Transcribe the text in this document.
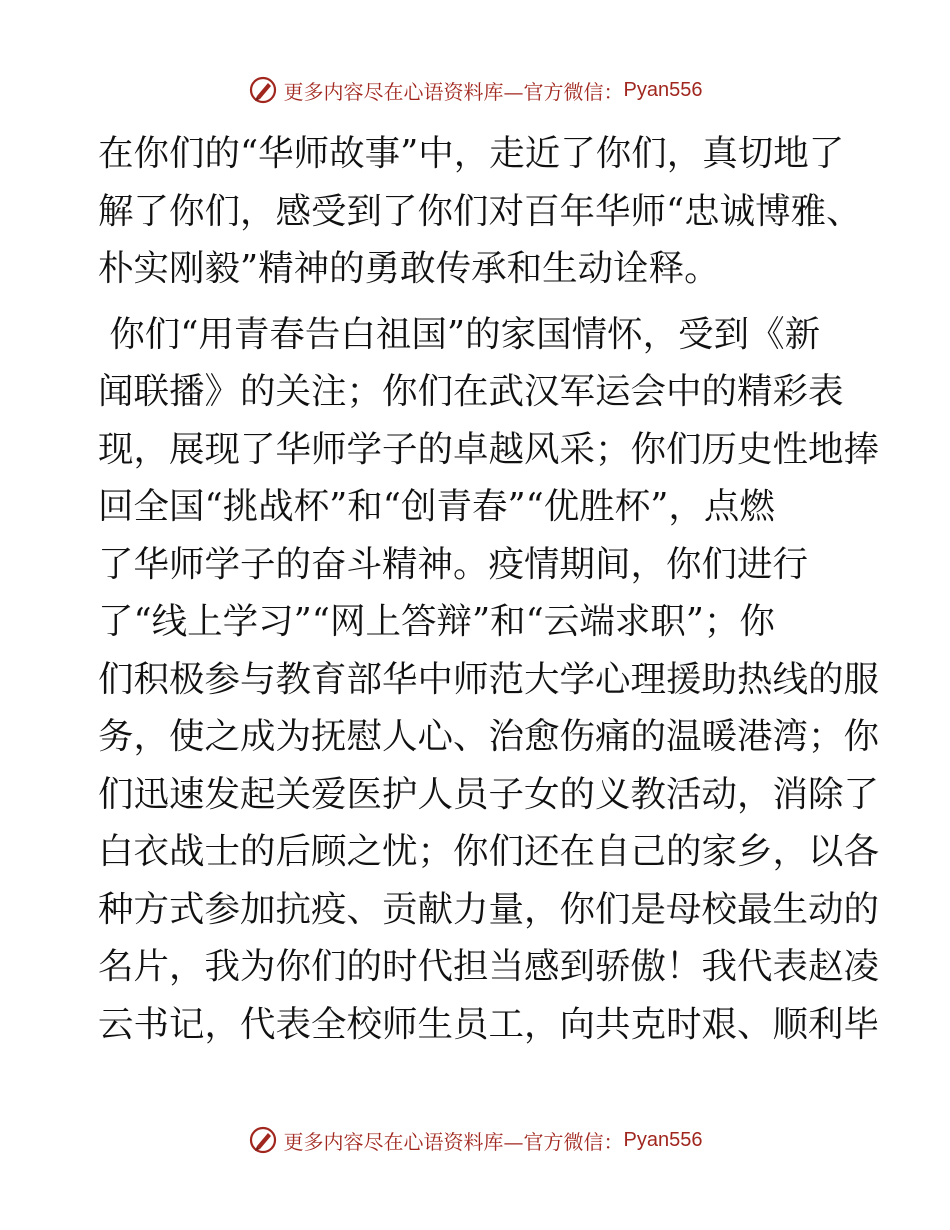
更多内容尽在心语资料库—官方微信： Pyan556

在你们的“华师故事”中，走近了你们，真切地了
解了你们，感受到了你们对百年华师“忠诚博雅、
朴实刚毅”精神的勇敢传承和生动诠释。

你们“用青春告白祖国”的家国情怀，受到《新
闻联播》的关注；你们在武汉军运会中的精彩表
现，展现了华师学子的卓越风采；你们历史性地捧
回全国“挑战杯”和“创青春”“优胜杯”，点燃
了华师学子的奋斗精神。疫情期间，你们进行
了“线上学习”“网上答辩”和“云端求职”；你
们积极参与教育部华中师范大学心理援助热线的服
务，使之成为抚慰人心、治愈伤痛的温暖港湾；你
们迅速发起关爱医护人员子女的义教活动，消除了
白衣战士的后顾之忧；你们还在自己的家乡，以各
种方式参加抗疫、贡献力量，你们是母校最生动的
名片，我为你们的时代担当感到骄傲！我代表赵凌
云书记，代表全校师生员工，向共克时艰、顺利毕

更多内容尽在心语资料库—官方微信： Pyan556
